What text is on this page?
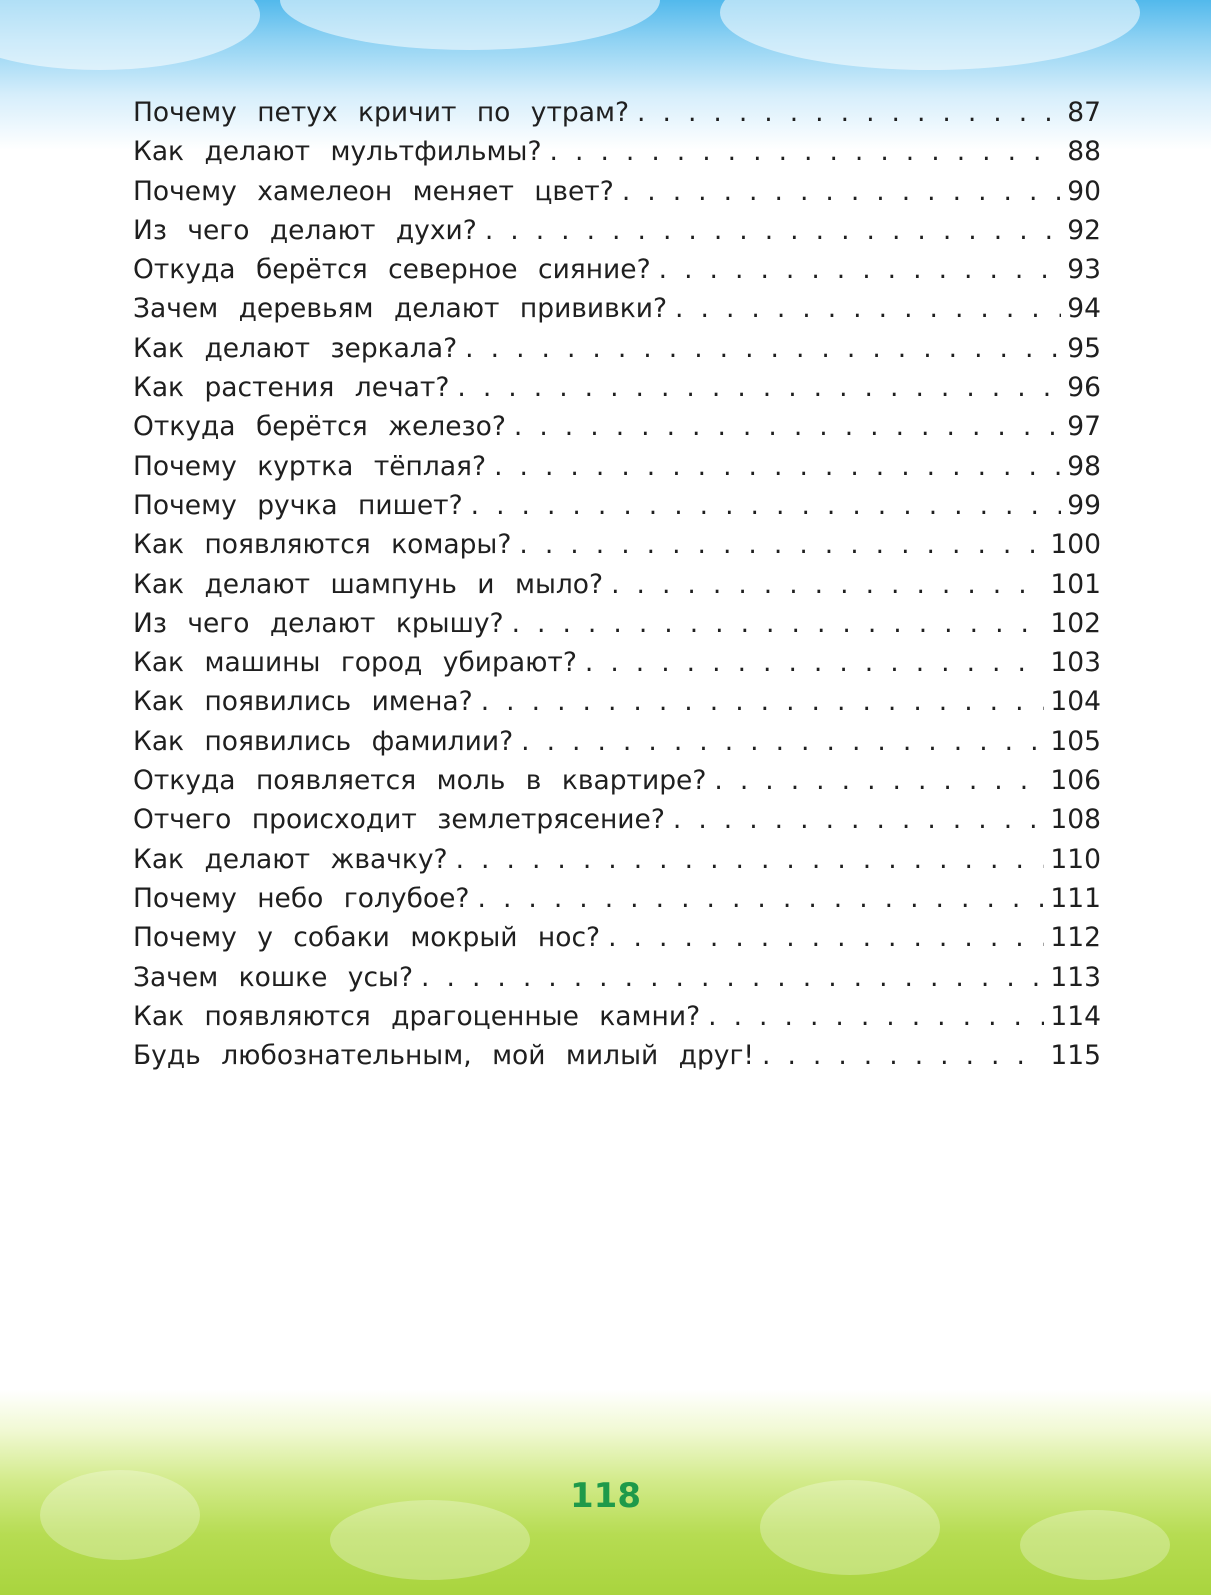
Почему петух кричит по утрам? . . .	87
Как делают мультфильмы? . . .	88
Почему хамелеон меняет цвет? . . .	90
Из чего делают духи? . . .	92
Откуда берётся северное сияние? . . .	93
Зачем деревьям делают прививки? . . .	94
Как делают зеркала? . . .	95
Как растения лечат? . . .	96
Откуда берётся железо? . . .	97
Почему куртка тёплая? . . .	98
Почему ручка пишет? . . .	99
Как появляются комары? . . .	100
Как делают шампунь и мыло? . . .	101
Из чего делают крышу? . . .	102
Как машины город убирают? . . .	103
Как появились имена? . . .	104
Как появились фамилии? . . .	105
Откуда появляется моль в квартире? . . .	106
Отчего происходит землетрясение? . . .	108
Как делают жвачку? . . .	110
Почему небо голубое? . . .	111
Почему у собаки мокрый нос? . . .	112
Зачем кошке усы? . . .	113
Как появляются драгоценные камни? . . .	114
Будь любознательным, мой милый друг! . . .	115
118
